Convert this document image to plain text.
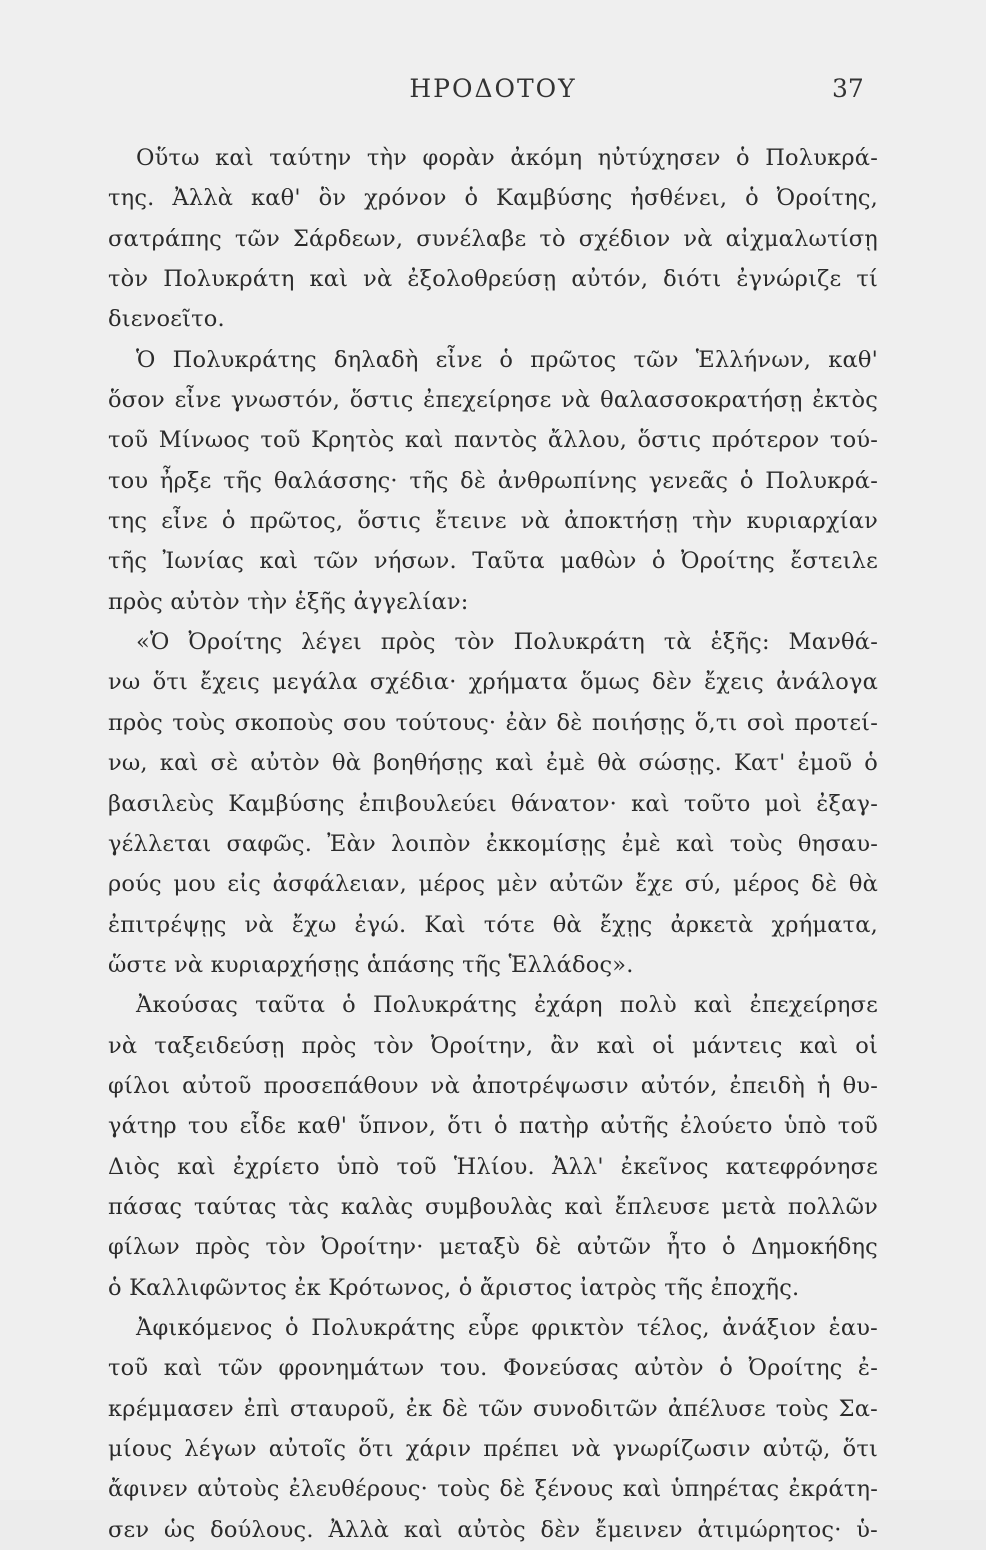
ΗΡΟΔΟΤΟΥ	37
Οὕτω καὶ ταύτην τὴν φορὰν ἀκόμη ηὐτύχησεν ὁ Πολυκρά-
της. Ἀλλὰ καθ' ὃν χρόνον ὁ Καμβύσης ἠσθένει, ὁ Ὀροίτης,
σατράπης τῶν Σάρδεων, συνέλαβε τὸ σχέδιον νὰ αἰχμαλωτίσῃ
τὸν Πολυκράτη καὶ νὰ ἐξολοθρεύσῃ αὐτόν, διότι ἐγνώριζε τί
διενοεῖτο.
Ὁ Πολυκράτης δηλαδὴ εἶνε ὁ πρῶτος τῶν Ἑλλήνων, καθ'
ὅσον εἶνε γνωστόν, ὅστις ἐπεχείρησε νὰ θαλασσοκρατήσῃ ἐκτὸς
τοῦ Μίνωος τοῦ Κρητὸς καὶ παντὸς ἄλλου, ὅστις πρότερον τού-
του ἦρξε τῆς θαλάσσης· τῆς δὲ ἀνθρωπίνης γενεᾶς ὁ Πολυκρά-
της εἶνε ὁ πρῶτος, ὅστις ἔτεινε νὰ ἀποκτήσῃ τὴν κυριαρχίαν
τῆς Ἰωνίας καὶ τῶν νήσων. Ταῦτα μαθὼν ὁ Ὀροίτης ἔστειλε
πρὸς αὐτὸν τὴν ἑξῆς ἀγγελίαν:
«Ὁ Ὀροίτης λέγει πρὸς τὸν Πολυκράτη τὰ ἑξῆς: Μανθά-
νω ὅτι ἔχεις μεγάλα σχέδια· χρήματα ὅμως δὲν ἔχεις ἀνάλογα
πρὸς τοὺς σκοποὺς σου τούτους· ἐὰν δὲ ποιήσῃς ὅ,τι σοὶ προτεί-
νω, καὶ σὲ αὐτὸν θὰ βοηθήσῃς καὶ ἐμὲ θὰ σώσῃς. Κατ' ἐμοῦ ὁ
βασιλεὺς Καμβύσης ἐπιβουλεύει θάνατον· καὶ τοῦτο μοὶ ἐξαγ-
γέλλεται σαφῶς. Ἐὰν λοιπὸν ἐκκομίσῃς ἐμὲ καὶ τοὺς θησαυ-
ρούς μου εἰς ἀσφάλειαν, μέρος μὲν αὐτῶν ἔχε σύ, μέρος δὲ θὰ
ἐπιτρέψῃς νὰ ἔχω ἐγώ. Καὶ τότε θὰ ἔχῃς ἀρκετὰ χρήματα,
ὥστε νὰ κυριαρχήσῃς ἁπάσης τῆς Ἑλλάδος».
Ἀκούσας ταῦτα ὁ Πολυκράτης ἐχάρη πολὺ καὶ ἐπεχείρησε
νὰ ταξειδεύσῃ πρὸς τὸν Ὀροίτην, ἂν καὶ οἱ μάντεις καὶ οἱ
φίλοι αὐτοῦ προσεπάθουν νὰ ἀποτρέψωσιν αὐτόν, ἐπειδὴ ἡ θυ-
γάτηρ του εἶδε καθ' ὕπνον, ὅτι ὁ πατὴρ αὐτῆς ἐλούετο ὑπὸ τοῦ
Διὸς καὶ ἐχρίετο ὑπὸ τοῦ Ἡλίου. Ἀλλ' ἐκεῖνος κατεφρόνησε
πάσας ταύτας τὰς καλὰς συμβουλὰς καὶ ἔπλευσε μετὰ πολλῶν
φίλων πρὸς τὸν Ὀροίτην· μεταξὺ δὲ αὐτῶν ἦτο ὁ Δημοκήδης
ὁ Καλλιφῶντος ἐκ Κρότωνος, ὁ ἄριστος ἰατρὸς τῆς ἐποχῆς.
Ἀφικόμενος ὁ Πολυκράτης εὗρε φρικτὸν τέλος, ἀνάξιον ἑαυ-
τοῦ καὶ τῶν φρονημάτων του. Φονεύσας αὐτὸν ὁ Ὀροίτης ἐ-
κρέμμασεν ἐπὶ σταυροῦ, ἐκ δὲ τῶν συνοδιτῶν ἀπέλυσε τοὺς Σα-
μίους λέγων αὐτοῖς ὅτι χάριν πρέπει νὰ γνωρίζωσιν αὐτῷ, ὅτι
ἄφινεν αὐτοὺς ἐλευθέρους· τοὺς δὲ ξένους καὶ ὑπηρέτας ἐκράτη-
σεν ὡς δούλους. Ἀλλὰ καὶ αὐτὸς δὲν ἔμεινεν ἀτιμώρητος· ὑ-
